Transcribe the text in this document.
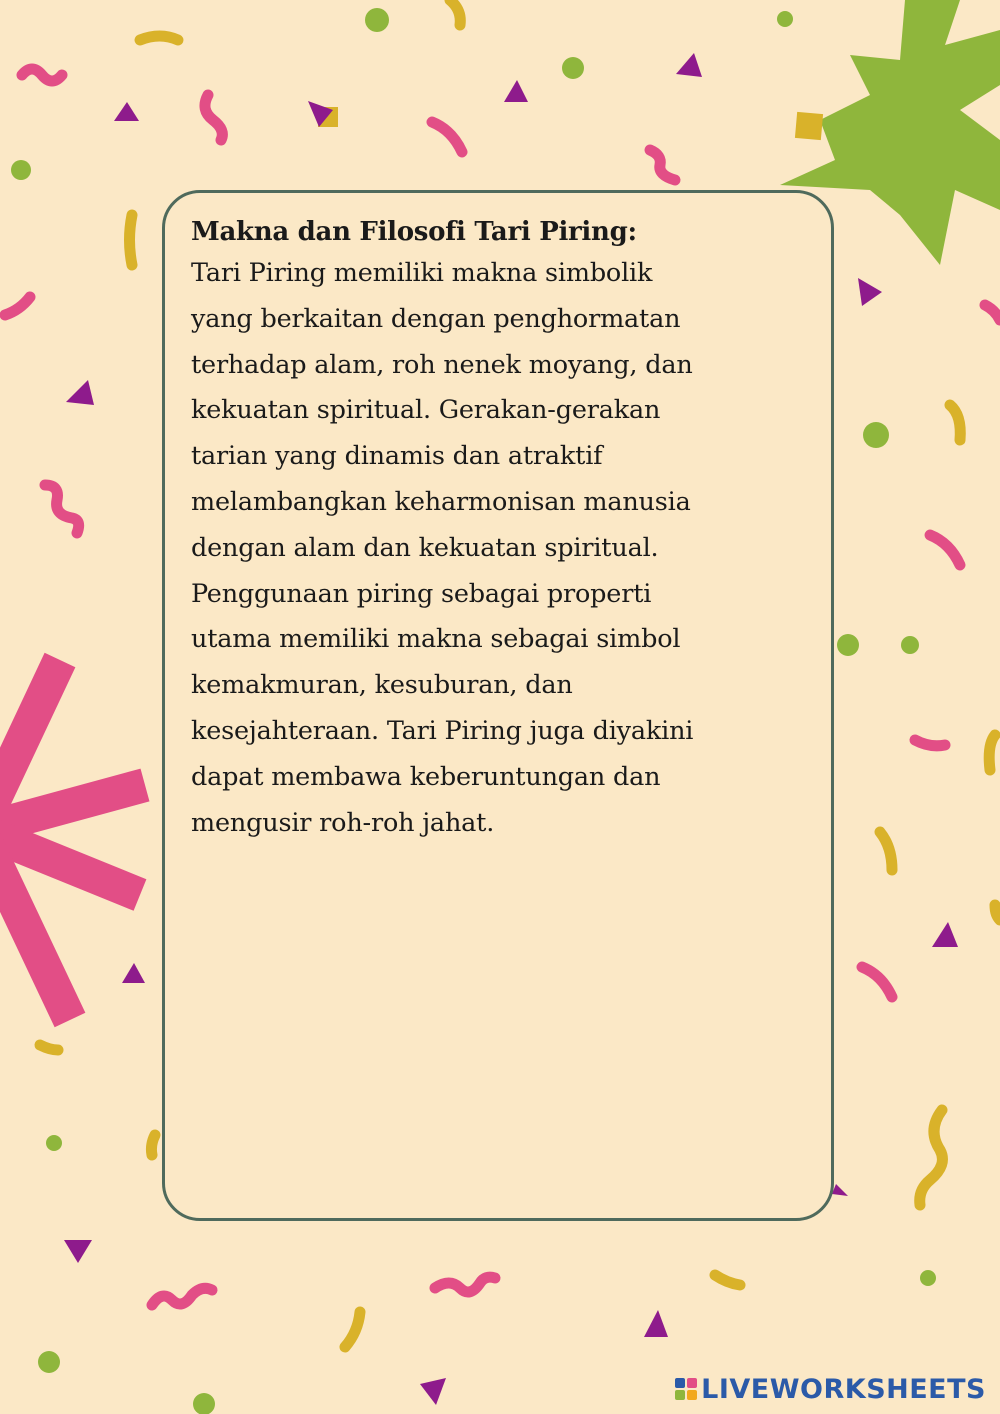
Makna dan Filosofi Tari Piring:

Tari Piring memiliki makna simbolik
yang berkaitan dengan penghormatan
terhadap alam, roh nenek moyang, dan
kekuatan spiritual. Gerakan-gerakan
tarian yang dinamis dan atraktif
melambangkan keharmonisan manusia
dengan alam dan kekuatan spiritual.
Penggunaan piring sebagai properti
utama memiliki makna sebagai simbol
kemakmuran, kesuburan, dan
kesejahteraan. Tari Piring juga diyakini
dapat membawa keberuntungan dan
mengusir roh-roh jahat.

LIVEWORKSHEETS
